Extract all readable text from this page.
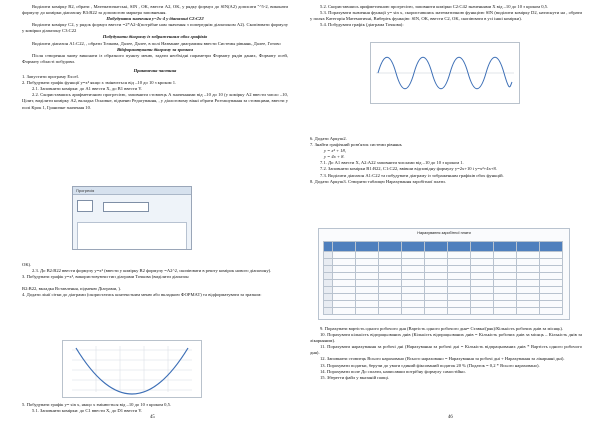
Виділити комірку B2, обрати , Математичнеські, SIN , OK, ввести A2, OK, у рядку формул до SIN(A2) дописати "^5-2, виконати формулу до комірки діапазону B3:B22 за допомогою маркера заповнення.

Побудувати значення y=2x-4 у діапазоні C2:C22

Виділити комірку C2, у рядок формул ввести =2*A2-4(потрібне нам значення з попереднім діапазоном A2). Скопіювати формулу у комірки діапазону C3:C22

Побудувати діаграму із зображенням обох графіків

Виділити діапазон A1:C22, , обрати Точкова, Далее, Далее, в полі Название диаграммы ввести Системы рівнянь, Далее, Готово

Відформатувати діаграму за зразком

Після створення знову виконати із образного пункту меню, задати необхідні параметри Формату рядів даних, Формату осей, Формату області побудови.

Практична частина

1. Запустити програму Excel.

2. Побудувати графік функції y=x² якщо x змінюється від –10 до 10 з кроком 1.

2.1. Заповнити комірки: до A1 ввести X, до B1 ввести Y.

2.2. Скориставшись арифметичною прогресією, заповнити стовпець A значеннями від –10 до 10 (у комірку A2 ввести число –10, Цілит, виділити комірку A2, вкладка Основне, підменю Редагування, , у діалоговому вікні обрати Розташування за стовпцями, ввести у полі Крок 1, Граничне значення 10.

Прогресія

OK).

2.3. До B2:B22 ввести формулу y=x² (ввести у комірку B2 формулу =A2^2, скопіювати в решту комірок нового діапазону).

3. Побудувати графік y=x², використовуючи тип діаграми Точкова (виділити діапазон

B2:B22, вкладка Вставлення, підменю Діаграми, ).

4. Додати лінії сітки до діаграми (скористатись контекстним меню або вкладкою ФОРМАТ) та відформатувати за зразком:

5. Побудувати графік y= sin x, якщо x змінюється від –10 до 10 з кроком 0,5.

5.1. Заповнити комірки: до C1 ввести X, до D1 ввести Y.

45

5.2. Скориставшись арифметичною прогресією, заповнити комірки C2:C42 значеннями X від –10 до 10 з кроком 0,5.

5.3. Порахувати значення функції y= sin x, скориставшись математичною функцією SIN (виділити комірку D2, натиснути на , обрати у полях Категорія Математичні, Виберіть функцію: SIN, OK, ввести C2, OK, скопіювати в усі інші комірки).

5.4. Побудувати графік (діаграма Точкова):

6. Додати Аркуш2.

7. Знайти графічний розв'язок системи рівнянь

y = x³ + 18,

y = 4x + 8.

7.1. До A1 ввести X, A2:A22 заповнити числами від –10 до 10 з кроком 1.

7.2. Заповнити комірки B1:B22, C1:C22, ввівши відповідну формулу y=2x+10 і y=x²+4x+8.

7.3. Виділити діапазон A1:C22 та побудувати діаграму із зображенням графіків обох функцій.

8. Додати Аркуш3. Створити таблицю Нарахування заробітної плати.

Нарахування заробітної плати

9. Порахувати вартість одного робочого дня (Вартість одного робочого дня= Ставка/(ряк)/Кількість робочих днів за місяць).

10. Порахувати кількість відпрацьованих днів (Кількість відпрацьованих днів = Кількість робочих днів за місяць – Кількість днів за лікарняним).

11. Порахувати нарахування за робочі дні (Нарахування за робочі дні = Кількість відпрацьованих днів * Вартість одного робочого дня).

12. Заповнити стовпець Всього нараховано (Всього нараховано = Нарахування за робочі дні + Нарахування за лікарняні дні).

13. Порахувати податки, беручи до уваги єдиний фіксований податок 20 % (Податок = 0,2 * Всього нараховано).

14. Порахувати поле До сплати, написавши потрібну формулу самостійно.

15. Зберегти файл у вказаній папці.

46
